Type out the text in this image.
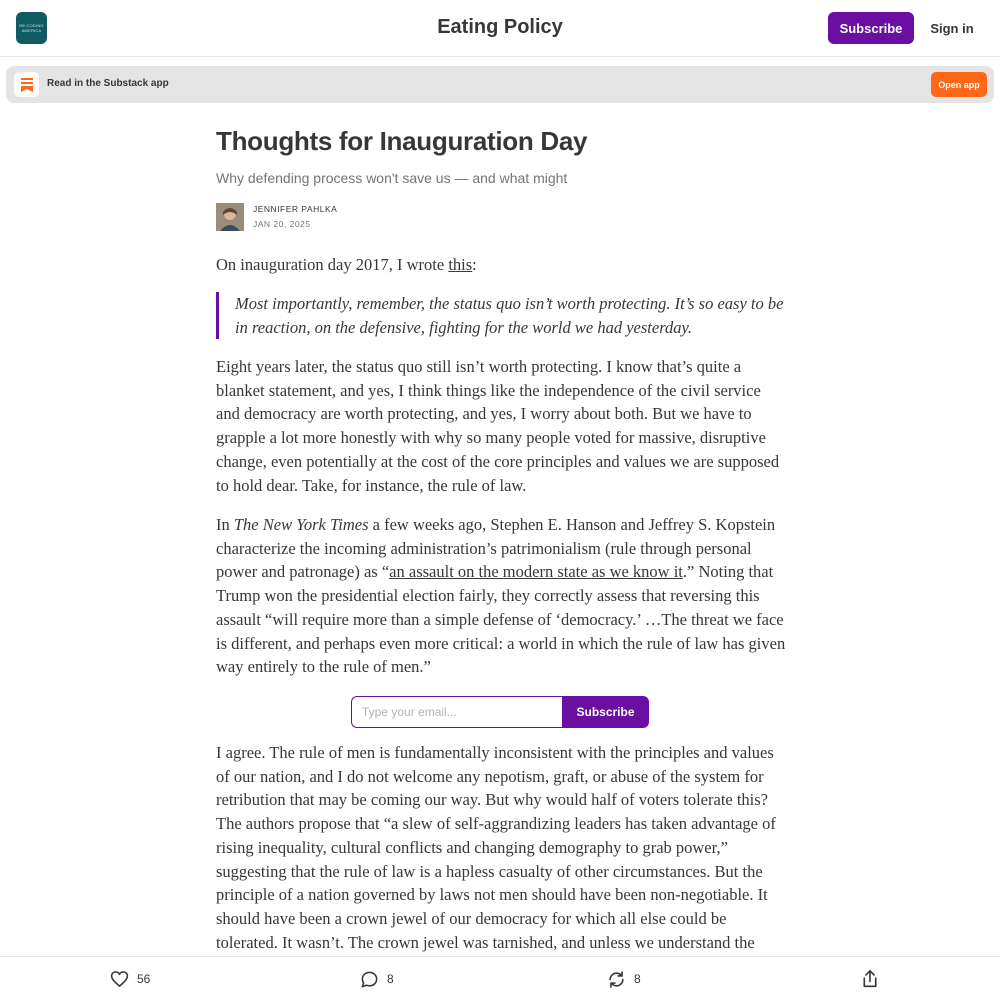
RE:CODING AMERICA	Eating Policy	Subscribe	Sign in
Read in the Substack app	Open app
Thoughts for Inauguration Day
Why defending process won't save us — and what might
JENNIFER PAHLKA
JAN 20, 2025

On inauguration day 2017, I wrote this:

Most importantly, remember, the status quo isn’t worth protecting. It’s so easy to be in reaction, on the defensive, fighting for the world we had yesterday.

Eight years later, the status quo still isn’t worth protecting. I know that’s quite a blanket statement, and yes, I think things like the independence of the civil service and democracy are worth protecting, and yes, I worry about both. But we have to grapple a lot more honestly with why so many people voted for massive, disruptive change, even potentially at the cost of the core principles and values we are supposed to hold dear. Take, for instance, the rule of law.

In The New York Times a few weeks ago, Stephen E. Hanson and Jeffrey S. Kopstein characterize the incoming administration’s patrimonialism (rule through personal power and patronage) as “an assault on the modern state as we know it.” Noting that Trump won the presidential election fairly, they correctly assess that reversing this assault “will require more than a simple defense of ‘democracy.’ …The threat we face is different, and perhaps even more critical: a world in which the rule of law has given way entirely to the rule of men.”

Type your email...
Subscribe

I agree. The rule of men is fundamentally inconsistent with the principles and values of our nation, and I do not welcome any nepotism, graft, or abuse of the system for retribution that may be coming our way. But why would half of voters tolerate this? The authors propose that “a slew of self-aggrandizing leaders has taken advantage of rising inequality, cultural conflicts and changing demography to grab power,” suggesting that the rule of law is a hapless casualty of other circumstances. But the principle of a nation governed by laws not men should have been non-negotiable. It should have been a crown jewel of our democracy for which all else could be tolerated. It wasn’t. The crown jewel was tarnished, and unless we understand the

56	8	8
